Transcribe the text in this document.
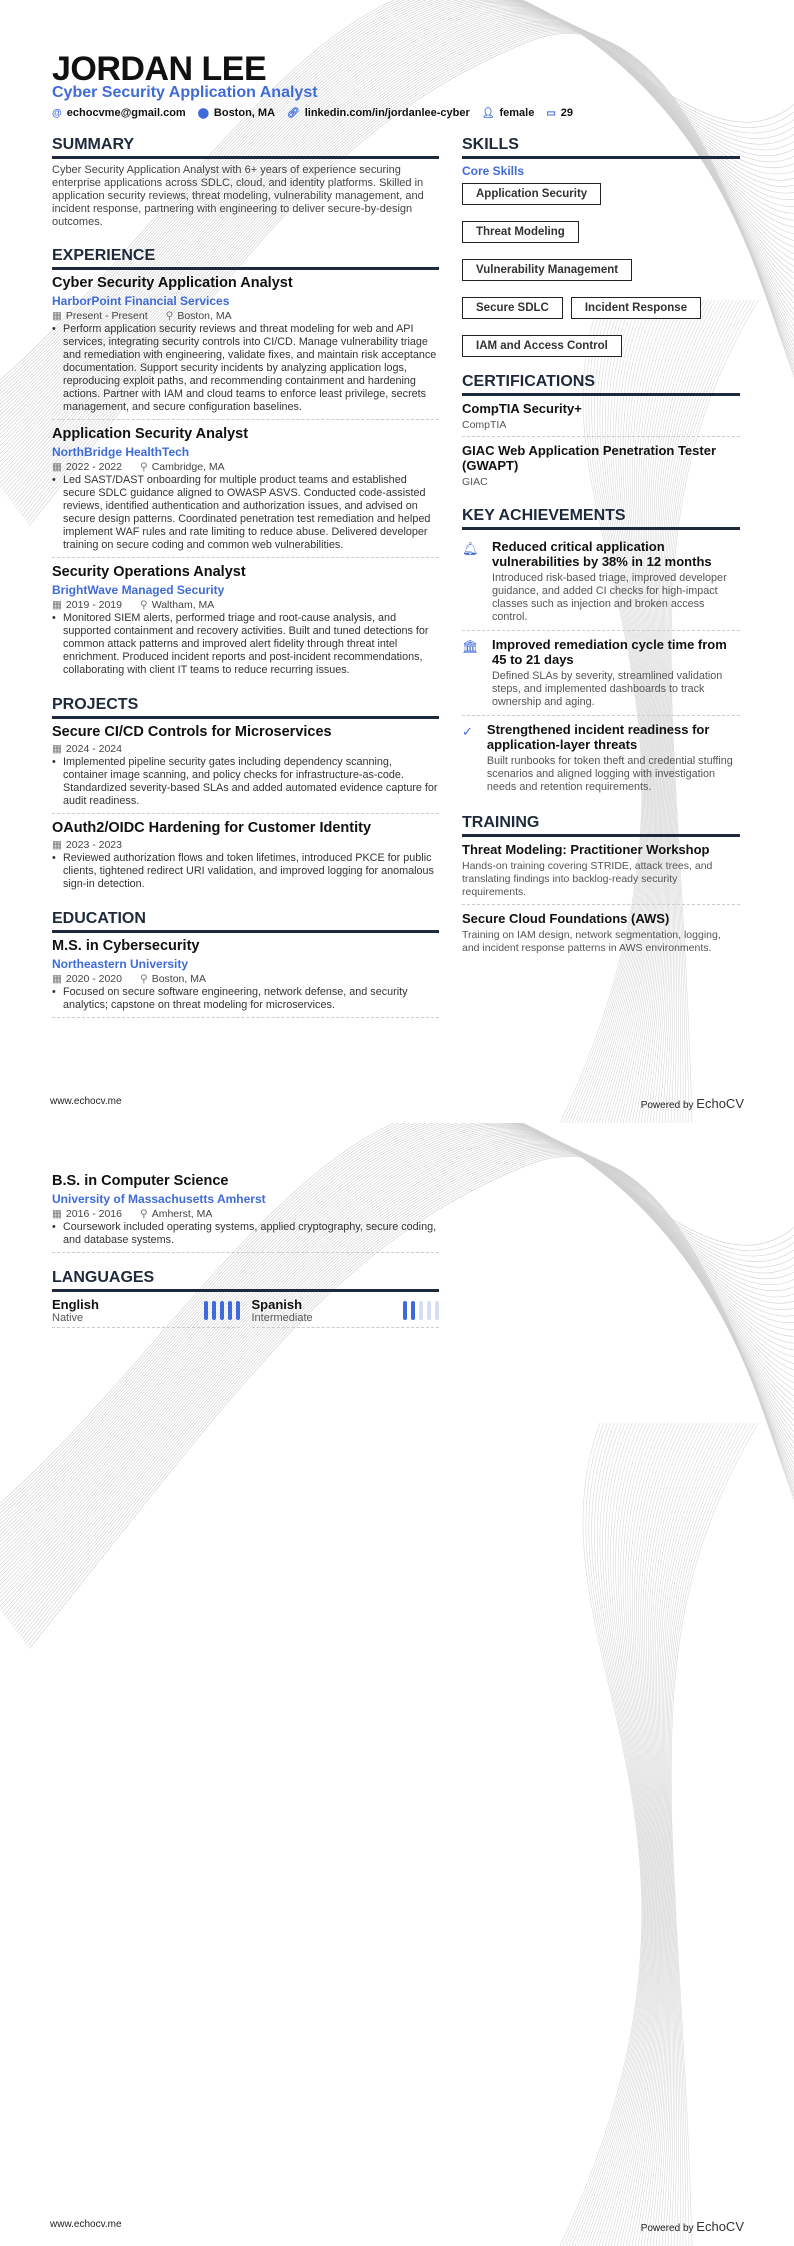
JORDAN LEE
Cyber Security Application Analyst
@ echocvme@gmail.com ⬤ Boston, MA 🔗︎ linkedin.com/in/jordanlee-cyber 👤︎ female ▭ 29
SUMMARY

Cyber Security Application Analyst with 6+ years of experience securing enterprise applications across SDLC, cloud, and identity platforms. Skilled in application security reviews, threat modeling, vulnerability management, and incident response, partnering with engineering to deliver secure-by-design outcomes.

EXPERIENCE
Cyber Security Application Analyst
HarborPoint Financial Services
▦ Present - Present ⚲ Boston, MA
• Perform application security reviews and threat modeling for web and API services, integrating security controls into CI/CD. Manage vulnerability triage and remediation with engineering, validate fixes, and maintain risk acceptance documentation. Support security incidents by analyzing application logs, reproducing exploit paths, and recommending containment and hardening actions. Partner with IAM and cloud teams to enforce least privilege, secrets management, and secure configuration baselines.
Application Security Analyst
NorthBridge HealthTech
▦ 2022 - 2022 ⚲ Cambridge, MA
• Led SAST/DAST onboarding for multiple product teams and established secure SDLC guidance aligned to OWASP ASVS. Conducted code-assisted reviews, identified authentication and authorization issues, and advised on secure design patterns. Coordinated penetration test remediation and helped implement WAF rules and rate limiting to reduce abuse. Delivered developer training on secure coding and common web vulnerabilities.
Security Operations Analyst
BrightWave Managed Security
▦ 2019 - 2019 ⚲ Waltham, MA
• Monitored SIEM alerts, performed triage and root-cause analysis, and supported containment and recovery activities. Built and tuned detections for common attack patterns and improved alert fidelity through threat intel enrichment. Produced incident reports and post-incident recommendations, collaborating with client IT teams to reduce recurring issues.
PROJECTS
Secure CI/CD Controls for Microservices
▦ 2024 - 2024
• Implemented pipeline security gates including dependency scanning, container image scanning, and policy checks for infrastructure-as-code. Standardized severity-based SLAs and added automated evidence capture for audit readiness.
OAuth2/OIDC Hardening for Customer Identity
▦ 2023 - 2023
• Reviewed authorization flows and token lifetimes, introduced PKCE for public clients, tightened redirect URI validation, and improved logging for anomalous sign-in detection.
EDUCATION
M.S. in Cybersecurity
Northeastern University
▦ 2020 - 2020 ⚲ Boston, MA
• Focused on secure software engineering, network defense, and security analytics; capstone on threat modeling for microservices.
SKILLS
Core Skills
Application Security
Threat Modeling
Vulnerability Management
Secure SDLC	Incident Response
IAM and Access Control
CERTIFICATIONS
CompTIA Security+
CompTIA
GIAC Web Application Penetration Tester (GWAPT)
GIAC
KEY ACHIEVEMENTS
🔔︎ Reduced critical application vulnerabilities by 38% in 12 months
Introduced risk-based triage, improved developer guidance, and added CI checks for high-impact classes such as injection and broken access control.
🏛︎ Improved remediation cycle time from 45 to 21 days
Defined SLAs by severity, streamlined validation steps, and implemented dashboards to track ownership and aging.
✓ Strengthened incident readiness for application-layer threats
Built runbooks for token theft and credential stuffing scenarios and aligned logging with investigation needs and retention requirements.
TRAINING
Threat Modeling: Practitioner Workshop
Hands-on training covering STRIDE, attack trees, and translating findings into backlog-ready security requirements.
Secure Cloud Foundations (AWS)
Training on IAM design, network segmentation, logging, and incident response patterns in AWS environments.
www.echocv.me	Powered by EchoCV
B.S. in Computer Science
University of Massachusetts Amherst
▦ 2016 - 2016 ⚲ Amherst, MA
• Coursework included operating systems, applied cryptography, secure coding, and database systems.
LANGUAGES
English
Native
Spanish
Intermediate
www.echocv.me	Powered by EchoCV
